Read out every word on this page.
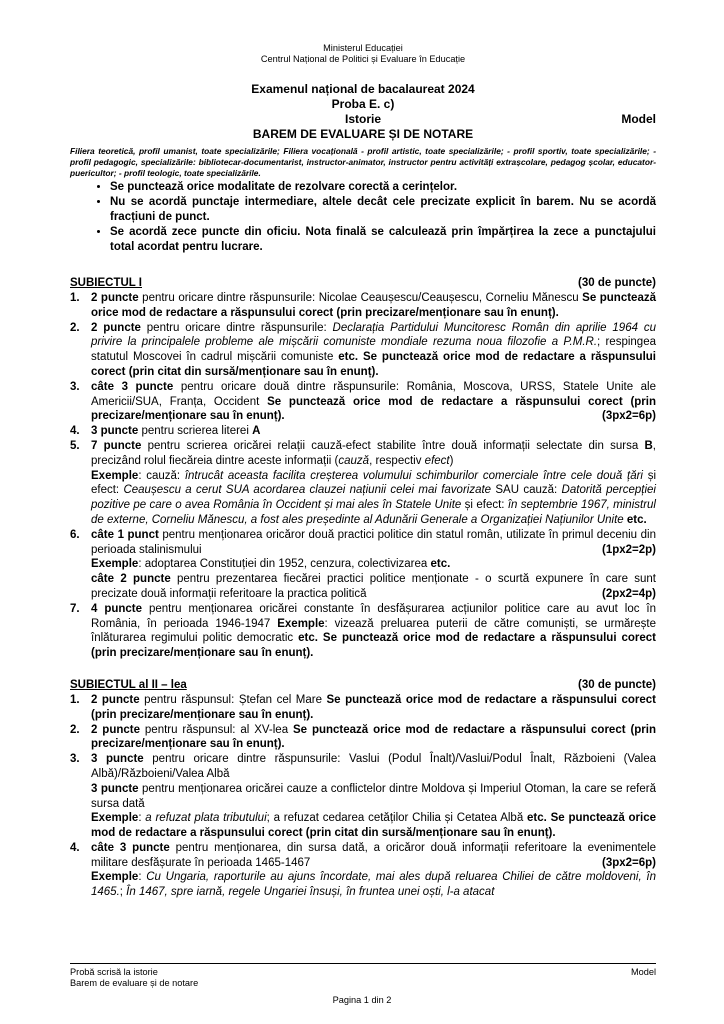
Ministerul Educației
Centrul Național de Politici și Evaluare în Educație
Examenul național de bacalaureat 2024
Proba E. c)
Istorie	Model
BAREM DE EVALUARE ȘI DE NOTARE
Filiera teoretică, profil umanist, toate specializările; Filiera vocațională - profil artistic, toate specializările; - profil sportiv, toate specializările; - profil pedagogic, specializările: bibliotecar-documentarist, instructor-animator, instructor pentru activități extrașcolare, pedagog școlar, educator-puericultor; - profil teologic, toate specializările.
• Se punctează orice modalitate de rezolvare corectă a cerințelor.
• Nu se acordă punctaje intermediare, altele decât cele precizate explicit în barem. Nu se acordă fracțiuni de punct.
• Se acordă zece puncte din oficiu. Nota finală se calculează prin împărțirea la zece a punctajului total acordat pentru lucrare.
SUBIECTUL I	(30 de puncte)
1. 2 puncte pentru oricare dintre răspunsurile: Nicolae Ceaușescu/Ceaușescu, Corneliu Mănescu Se punctează orice mod de redactare a răspunsului corect (prin precizare/menționare sau în enunț).
2. 2 puncte pentru oricare dintre răspunsurile: Declarația Partidului Muncitoresc Român din aprilie 1964 cu privire la principalele probleme ale mișcării comuniste mondiale rezuma noua filozofie a P.M.R.; respingea statutul Moscovei în cadrul mișcării comuniste etc. Se punctează orice mod de redactare a răspunsului corect (prin citat din sursă/menționare sau în enunț).
3. câte 3 puncte pentru oricare două dintre răspunsurile: România, Moscova, URSS, Statele Unite ale Americii/SUA, Franța, Occident Se punctează orice mod de redactare a răspunsului corect (prin precizare/menționare sau în enunț).	(3px2=6p)
4. 3 puncte pentru scrierea literei A
5. 7 puncte pentru scrierea oricărei relații cauză-efect stabilite între două informații selectate din sursa B, precizând rolul fiecăreia dintre aceste informații (cauză, respectiv efect)
Exemple: cauză: întrucât aceasta facilita creșterea volumului schimburilor comerciale între cele două țări și efect: Ceaușescu a cerut SUA acordarea clauzei națiunii celei mai favorizate SAU cauză: Datorită percepției pozitive pe care o avea România în Occident și mai ales în Statele Unite și efect: în septembrie 1967, ministrul de externe, Corneliu Mănescu, a fost ales președinte al Adunării Generale a Organizației Națiunilor Unite etc.
6. câte 1 punct pentru menționarea oricăror două practici politice din statul român, utilizate în primul deceniu din perioada stalinismului	(1px2=2p)

Exemple: adoptarea Constituției din 1952, cenzura, colectivizarea etc.
câte 2 puncte pentru prezentarea fiecărei practici politice menționate - o scurtă expunere în care sunt precizate două informații referitoare la practica politică	(2px2=4p)
7. 4 puncte pentru menționarea oricărei constante în desfășurarea acțiunilor politice care au avut loc în România, în perioada 1946-1947 Exemple: vizează preluarea puterii de către comuniști, se urmărește înlăturarea regimului politic democratic etc. Se punctează orice mod de redactare a răspunsului corect (prin precizare/menționare sau în enunț).
SUBIECTUL al II – lea	(30 de puncte)
1. 2 puncte pentru răspunsul: Ștefan cel Mare Se punctează orice mod de redactare a răspunsului corect (prin precizare/menționare sau în enunț).
2. 2 puncte pentru răspunsul: al XV-lea Se punctează orice mod de redactare a răspunsului corect (prin precizare/menționare sau în enunț).
3. 3 puncte pentru oricare dintre răspunsurile: Vaslui (Podul Înalt)/Vaslui/Podul Înalt, Războieni (Valea Albă)/Războieni/Valea Albă
3 puncte pentru menționarea oricărei cauze a conflictelor dintre Moldova și Imperiul Otoman, la care se referă sursa dată
Exemple: a refuzat plata tributului; a refuzat cedarea cetăților Chilia și Cetatea Albă etc. Se punctează orice mod de redactare a răspunsului corect (prin citat din sursă/menționare sau în enunț).
4. câte 3 puncte pentru menționarea, din sursa dată, a oricăror două informații referitoare la evenimentele militare desfășurate în perioada 1465-1467	(3px2=6p)

Exemple: Cu Ungaria, raporturile au ajuns încordate, mai ales după reluarea Chiliei de către moldoveni, în 1465.; În 1467, spre iarnă, regele Ungariei însuși, în fruntea unei oști, l-a atacat
Probă scrisă la istorie
Barem de evaluare și de notare
Model
Pagina 1 din 2
